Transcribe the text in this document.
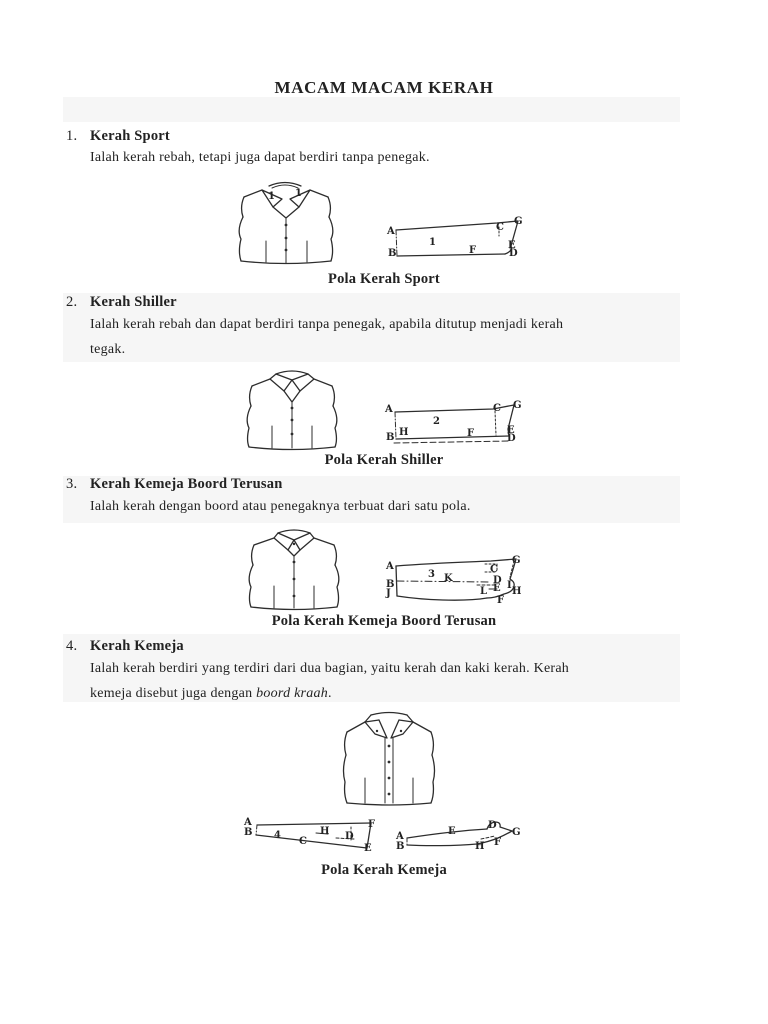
MACAM MACAM KERAH
1. Kerah Sport
Ialah kerah rebah, tetapi juga dapat berdiri tanpa penegak.
1 1
A
B
1
F
C
G
E
D
Pola Kerah Sport
2. Kerah Shiller
Ialah kerah rebah dan dapat berdiri tanpa penegak, apabila ditutup menjadi kerah
tegak.
A
B H
2
F
C G
E
D
Pola Kerah Shiller
3. Kerah Kemeja Boord Terusan
Ialah kerah dengan boord atau penegaknya terbuat dari satu pola.
A
B
J
3 K
C
D
E I
L H
F
G
Pola Kerah Kemeja Boord Terusan
4. Kerah Kemeja
Ialah kerah berdiri yang terdiri dari dua bagian, yaitu kerah dan kaki kerah. Kerah
kemeja disebut juga dengan boord kraah.
A
B 4
C
H D
F
E
A
B
E
D
G
H F
Pola Kerah Kemeja
